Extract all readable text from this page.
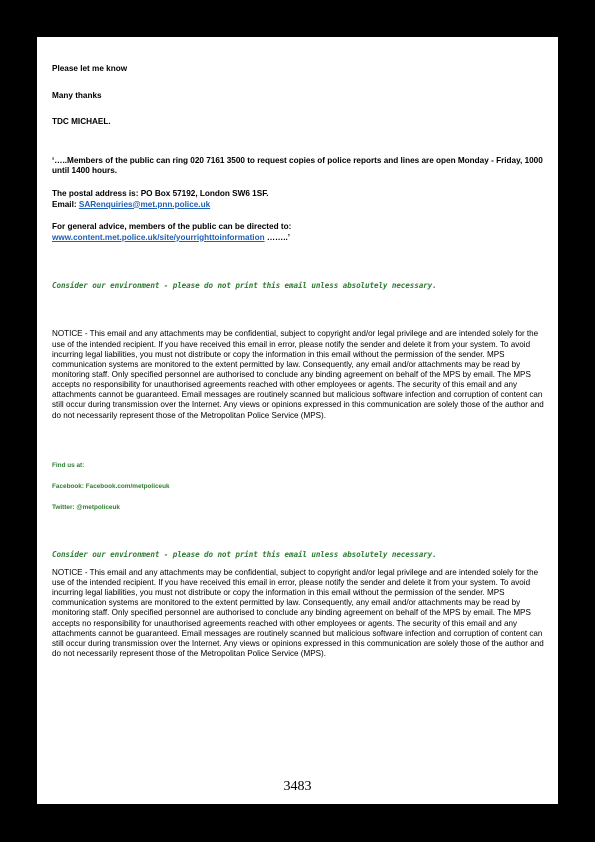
Please let me know

Many thanks

TDC MICHAEL.

‘…..Members of the public can ring 020 7161 3500 to request copies of police reports and lines are open Monday - Friday, 1000 until 1400 hours.

The postal address is: PO Box 57192, London SW6 1SF.

Email: SARenquiries@met.pnn.police.uk

For general advice, members of the public can be directed to:

www.content.met.police.uk/site/yourrighttoinformation ……..’

Consider our environment - please do not print this email unless absolutely necessary.

NOTICE - This email and any attachments may be confidential, subject to copyright and/or legal privilege and are intended solely for the use of the intended recipient. If you have received this email in error, please notify the sender and delete it from your system. To avoid incurring legal liabilities, you must not distribute or copy the information in this email without the permission of the sender. MPS communication systems are monitored to the extent permitted by law. Consequently, any email and/or attachments may be read by monitoring staff. Only specified personnel are authorised to conclude any binding agreement on behalf of the MPS by email. The MPS accepts no responsibility for unauthorised agreements reached with other employees or agents. The security of this email and any attachments cannot be guaranteed. Email messages are routinely scanned but malicious software infection and corruption of content can still occur during transmission over the Internet. Any views or opinions expressed in this communication are solely those of the author and do not necessarily represent those of the Metropolitan Police Service (MPS).

Find us at:

Facebook: Facebook.com/metpoliceuk

Twitter: @metpoliceuk

Consider our environment - please do not print this email unless absolutely necessary.

NOTICE - This email and any attachments may be confidential, subject to copyright and/or legal privilege and are intended solely for the use of the intended recipient. If you have received this email in error, please notify the sender and delete it from your system. To avoid incurring legal liabilities, you must not distribute or copy the information in this email without the permission of the sender. MPS communication systems are monitored to the extent permitted by law. Consequently, any email and/or attachments may be read by monitoring staff. Only specified personnel are authorised to conclude any binding agreement on behalf of the MPS by email. The MPS accepts no responsibility for unauthorised agreements reached with other employees or agents. The security of this email and any attachments cannot be guaranteed. Email messages are routinely scanned but malicious software infection and corruption of content can still occur during transmission over the Internet. Any views or opinions expressed in this communication are solely those of the author and do not necessarily represent those of the Metropolitan Police Service (MPS).

3483
